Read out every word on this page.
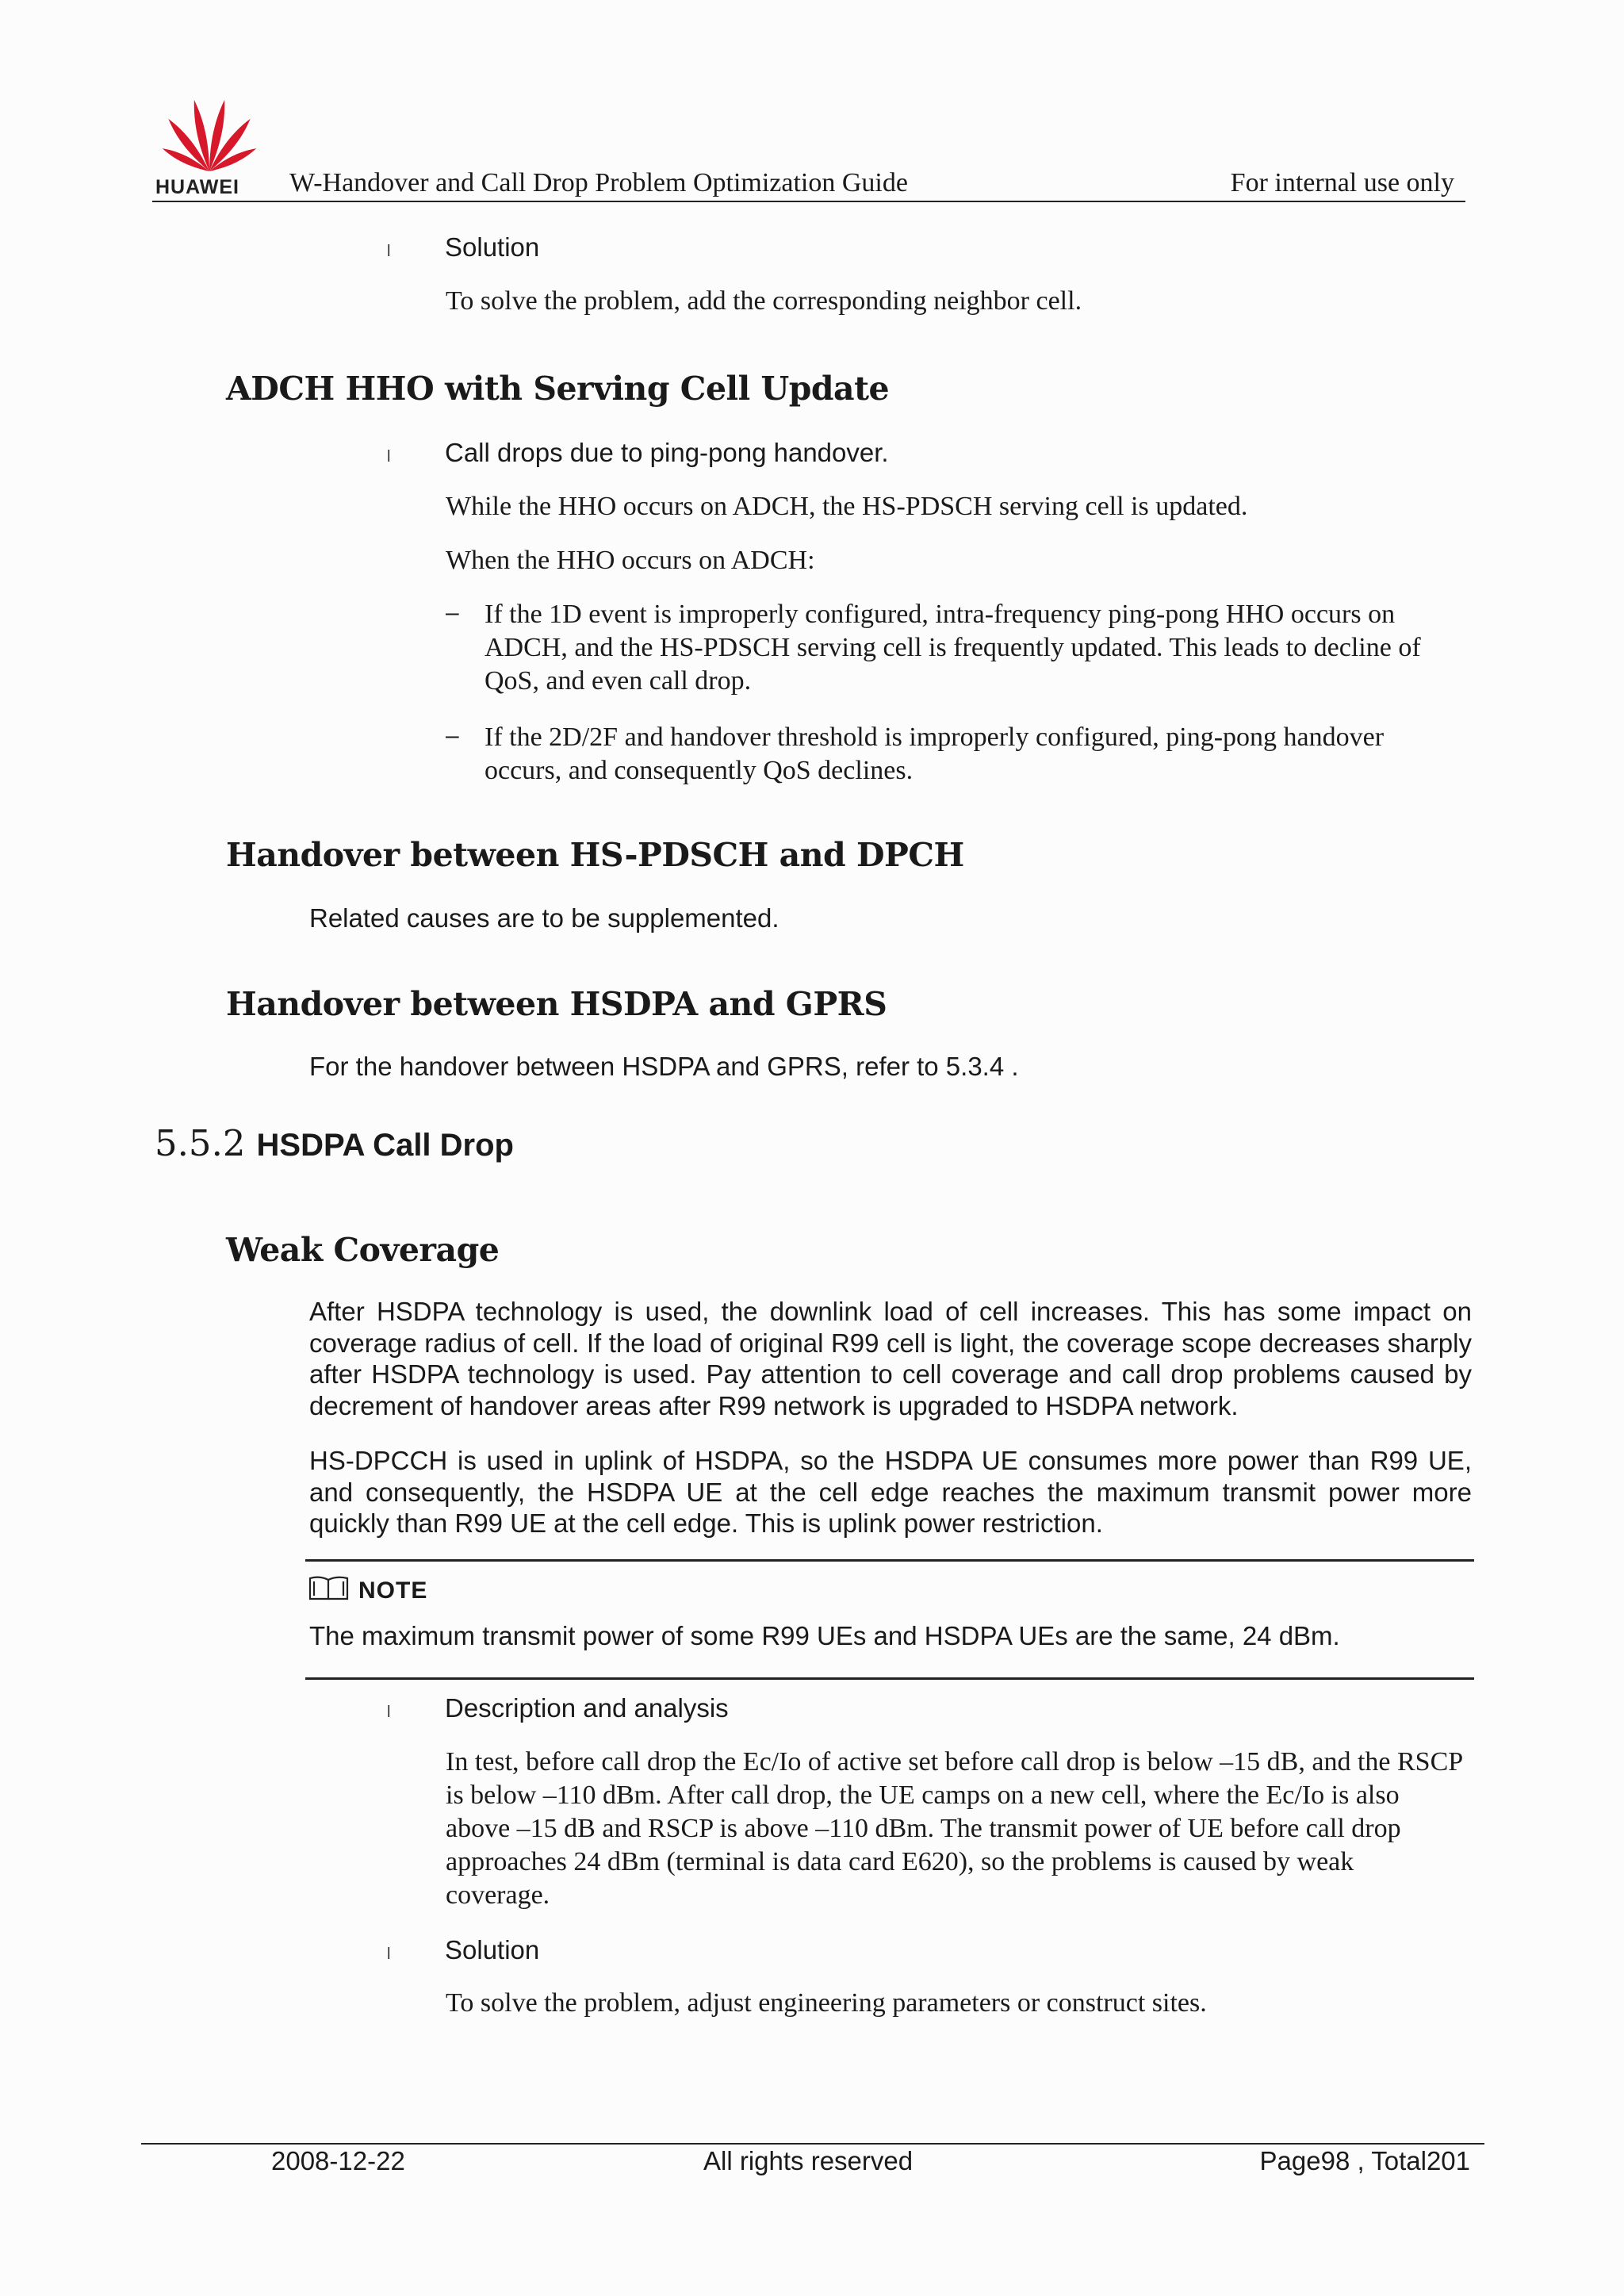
HUAWEI W-Handover and Call Drop Problem Optimization Guide	For internal use only
l Solution
To solve the problem, add the corresponding neighbor cell.
ADCH HHO with Serving Cell Update
l Call drops due to ping-pong handover.
While the HHO occurs on ADCH, the HS-PDSCH serving cell is updated.
When the HHO occurs on ADCH:
– If the 1D event is improperly configured, intra-frequency ping-pong HHO occurs on ADCH, and the HS-PDSCH serving cell is frequently updated. This leads to decline of QoS, and even call drop.
– If the 2D/2F and handover threshold is improperly configured, ping-pong handover occurs, and consequently QoS declines.
Handover between HS-PDSCH and DPCH
Related causes are to be supplemented.
Handover between HSDPA and GPRS
For the handover between HSDPA and GPRS, refer to 5.3.4 .
5.5.2 HSDPA Call Drop
Weak Coverage
After HSDPA technology is used, the downlink load of cell increases. This has some impact on coverage radius of cell. If the load of original R99 cell is light, the coverage scope decreases sharply after HSDPA technology is used. Pay attention to cell coverage and call drop problems caused by decrement of handover areas after R99 network is upgraded to HSDPA network.
HS-DPCCH is used in uplink of HSDPA, so the HSDPA UE consumes more power than R99 UE, and consequently, the HSDPA UE at the cell edge reaches the maximum transmit power more quickly than R99 UE at the cell edge. This is uplink power restriction.
NOTE
The maximum transmit power of some R99 UEs and HSDPA UEs are the same, 24 dBm.
l Description and analysis
In test, before call drop the Ec/Io of active set before call drop is below –15 dB, and the RSCP is below –110 dBm. After call drop, the UE camps on a new cell, where the Ec/Io is also above –15 dB and RSCP is above –110 dBm. The transmit power of UE before call drop approaches 24 dBm (terminal is data card E620), so the problems is caused by weak coverage.
l Solution
To solve the problem, adjust engineering parameters or construct sites.
2008-12-22	All rights reserved	Page98 , Total201
